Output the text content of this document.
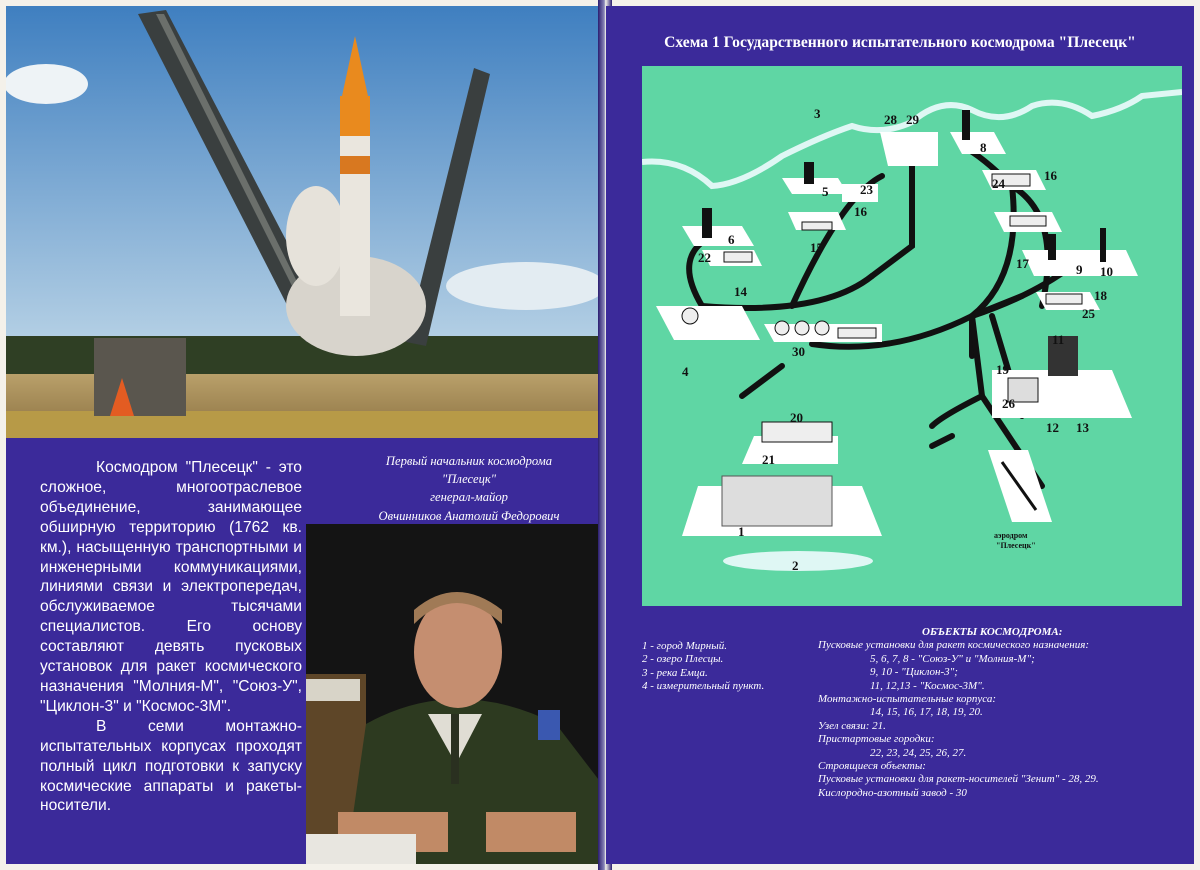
Космодром "Плесецк" - это сложное, многоотраслевое объединение, занимающее обширную территорию (1762 кв. км.), насыщенную транспортными и инженерными коммуникациями, линиями связи и электропередач, обслуживаемое тысячами специалистов. Его основу составляют девять пусковых установок для ракет космического назначения "Молния-М", "Союз-У", "Циклон-3" и "Космос-3М".

В семи монтажно-испытательных корпусах проходят полный цикл подготовки к запуску космические аппараты и ракеты-носители.

Первый начальник космодрома
"Плесецк"
генерал-майор
Овчинников Анатолий Федорович
Схема 1 Государственного испытательного космодрома "Плесецк"
3	28 29
8
5 23
16
16
24
6
15
22
14
17	9 10
18
25
30
4
11
19
26
12 13
20
21
1
2
аэродром
"Плесецк"
1 - город Мирный.
2 - озеро Плесцы.
3 - река Емца.
4 - измерительный пункт.
ОБЪЕКТЫ КОСМОДРОМА:
Пусковые установки для ракет космического назначения:
5, 6, 7, 8 - "Союз-У" и "Молния-М";
9, 10 - "Циклон-3";
11, 12,13 - "Космос-3М".
Монтажно-испытательные корпуса:
14, 15, 16, 17, 18, 19, 20.
Узел связи: 21.
Пристартовые городки:
22, 23, 24, 25, 26, 27.
Строящиеся объекты:
Пусковые установки для ракет-носителей "Зенит" - 28, 29.
Кислородно-азотный завод - 30
